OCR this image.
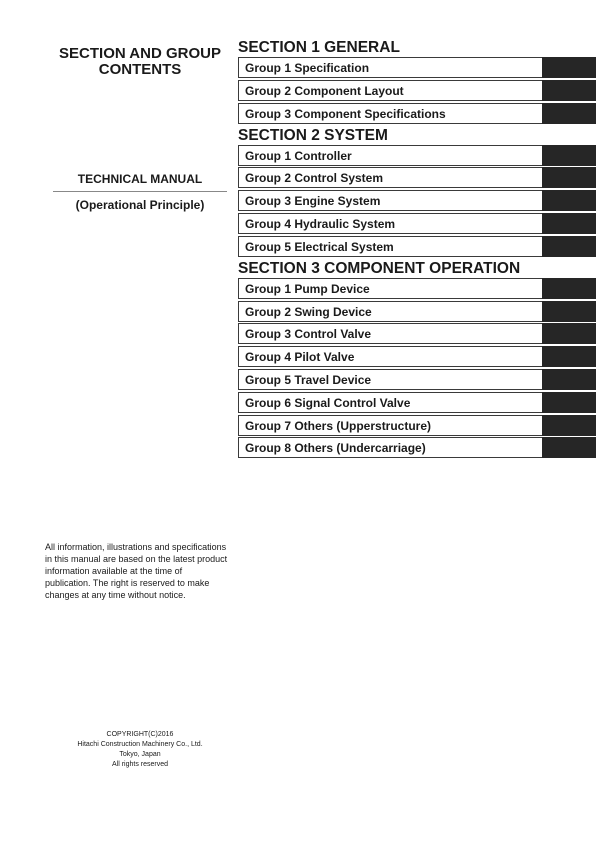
SECTION AND GROUP
CONTENTS
TECHNICAL MANUAL
(Operational Principle)
All information, illustrations and specifications in this manual are based on the latest product information available at the time of publication. The right is reserved to make changes at any time without notice.
COPYRIGHT(C)2016
Hitachi Construction Machinery Co., Ltd.
Tokyo, Japan
All rights reserved
SECTION 1 GENERAL
Group 1 Specification
Group 2 Component Layout
Group 3 Component Specifications
SECTION 2 SYSTEM
Group 1 Controller
Group 2 Control System
Group 3 Engine System
Group 4 Hydraulic System
Group 5 Electrical System
SECTION 3 COMPONENT OPERATION
Group 1 Pump Device
Group 2 Swing Device
Group 3 Control Valve
Group 4 Pilot Valve
Group 5 Travel Device
Group 6 Signal Control Valve
Group 7 Others (Upperstructure)
Group 8 Others (Undercarriage)
